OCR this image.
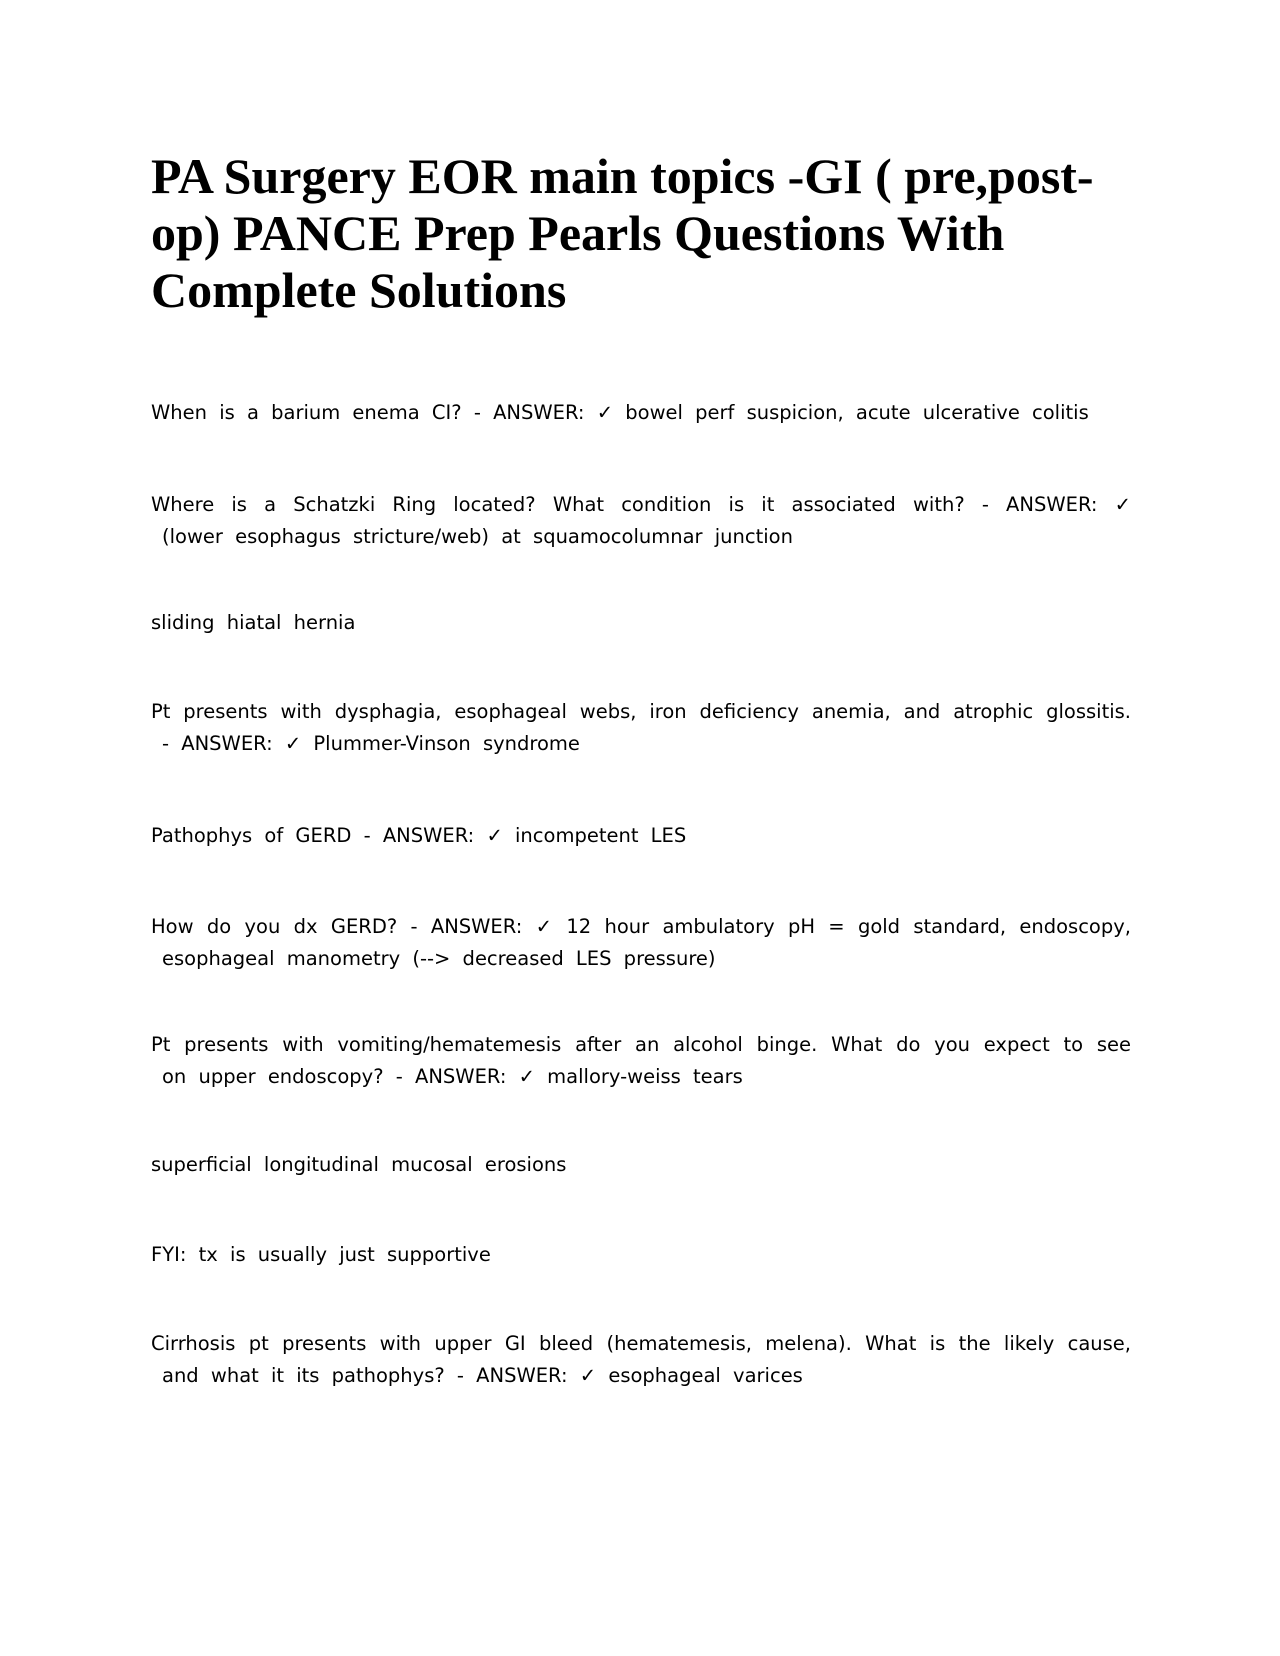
PA Surgery EOR main topics -GI ( pre,post-op) PANCE Prep Pearls Questions With Complete Solutions

When is a barium enema CI? - ANSWER: ✓ bowel perf suspicion, acute ulcerative colitis

Where is a Schatzki Ring located? What condition is it associated with? - ANSWER: ✓ (lower esophagus stricture/web) at squamocolumnar junction

sliding hiatal hernia

Pt presents with dysphagia, esophageal webs, iron deficiency anemia, and atrophic glossitis. - ANSWER: ✓ Plummer-Vinson syndrome

Pathophys of GERD - ANSWER: ✓ incompetent LES

How do you dx GERD? - ANSWER: ✓ 12 hour ambulatory pH = gold standard, endoscopy, esophageal manometry (--> decreased LES pressure)

Pt presents with vomiting/hematemesis after an alcohol binge. What do you expect to see on upper endoscopy? - ANSWER: ✓ mallory-weiss tears

superficial longitudinal mucosal erosions

FYI: tx is usually just supportive

Cirrhosis pt presents with upper GI bleed (hematemesis, melena). What is the likely cause, and what it its pathophys? - ANSWER: ✓ esophageal varices
